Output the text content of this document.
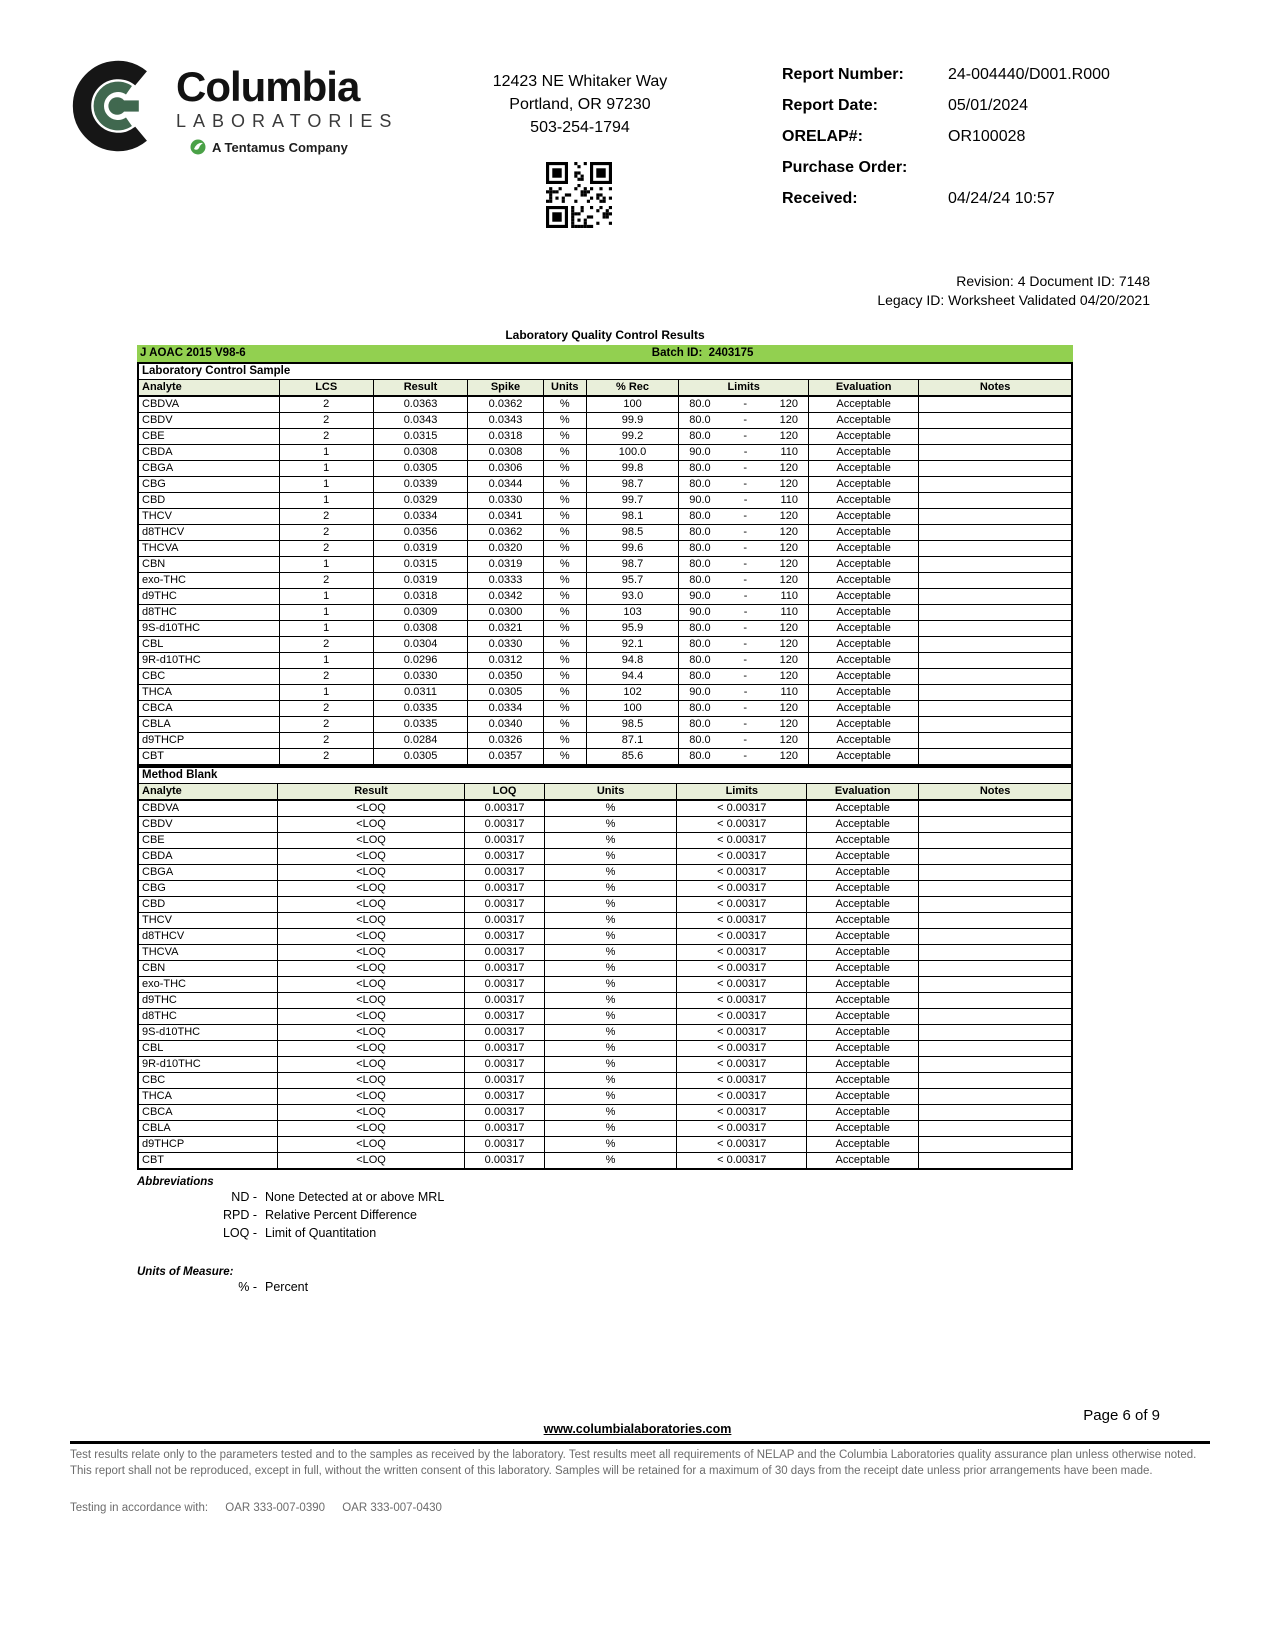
Columbia
LABORATORIES
A Tentamus Company
12423 NE Whitaker Way
Portland, OR 97230
503-254-1794
Report Number:	24-004440/D001.R000
Report Date:	05/01/2024
ORELAP#:	OR100028
Purchase Order:
Received:	04/24/24 10:57
Revision: 4 Document ID: 7148
Legacy ID: Worksheet Validated 04/20/2021
Laboratory Quality Control Results
J AOAC 2015 V98-6	Batch ID: 2403175
Laboratory Control Sample								
Analyte	LCS	Result	Spike	Units	% Rec	Limits	Evaluation	Notes
CBDVA	2	0.0363	0.0362	%	100	80.0 - 120	Acceptable	
CBDV	2	0.0343	0.0343	%	99.9	80.0 - 120	Acceptable	
CBE	2	0.0315	0.0318	%	99.2	80.0 - 120	Acceptable	
CBDA	1	0.0308	0.0308	%	100.0	90.0 - 110	Acceptable	
CBGA	1	0.0305	0.0306	%	99.8	80.0 - 120	Acceptable	
CBG	1	0.0339	0.0344	%	98.7	80.0 - 120	Acceptable	
CBD	1	0.0329	0.0330	%	99.7	90.0 - 110	Acceptable	
THCV	2	0.0334	0.0341	%	98.1	80.0 - 120	Acceptable	
d8THCV	2	0.0356	0.0362	%	98.5	80.0 - 120	Acceptable	
THCVA	2	0.0319	0.0320	%	99.6	80.0 - 120	Acceptable	
CBN	1	0.0315	0.0319	%	98.7	80.0 - 120	Acceptable	
exo-THC	2	0.0319	0.0333	%	95.7	80.0 - 120	Acceptable	
d9THC	1	0.0318	0.0342	%	93.0	90.0 - 110	Acceptable	
d8THC	1	0.0309	0.0300	%	103	90.0 - 110	Acceptable	
9S-d10THC	1	0.0308	0.0321	%	95.9	80.0 - 120	Acceptable	
CBL	2	0.0304	0.0330	%	92.1	80.0 - 120	Acceptable	
9R-d10THC	1	0.0296	0.0312	%	94.8	80.0 - 120	Acceptable	
CBC	2	0.0330	0.0350	%	94.4	80.0 - 120	Acceptable	
THCA	1	0.0311	0.0305	%	102	90.0 - 110	Acceptable	
CBCA	2	0.0335	0.0334	%	100	80.0 - 120	Acceptable	
CBLA	2	0.0335	0.0340	%	98.5	80.0 - 120	Acceptable	
d9THCP	2	0.0284	0.0326	%	87.1	80.0 - 120	Acceptable	
CBT	2	0.0305	0.0357	%	85.6	80.0 - 120	Acceptable	
Method Blank						
Analyte	Result	LOQ	Units	Limits	Evaluation	Notes
CBDVA	<LOQ	0.00317	%	< 0.00317	Acceptable	
CBDV	<LOQ	0.00317	%	< 0.00317	Acceptable	
CBE	<LOQ	0.00317	%	< 0.00317	Acceptable	
CBDA	<LOQ	0.00317	%	< 0.00317	Acceptable	
CBGA	<LOQ	0.00317	%	< 0.00317	Acceptable	
CBG	<LOQ	0.00317	%	< 0.00317	Acceptable	
CBD	<LOQ	0.00317	%	< 0.00317	Acceptable	
THCV	<LOQ	0.00317	%	< 0.00317	Acceptable	
d8THCV	<LOQ	0.00317	%	< 0.00317	Acceptable	
THCVA	<LOQ	0.00317	%	< 0.00317	Acceptable	
CBN	<LOQ	0.00317	%	< 0.00317	Acceptable	
exo-THC	<LOQ	0.00317	%	< 0.00317	Acceptable	
d9THC	<LOQ	0.00317	%	< 0.00317	Acceptable	
d8THC	<LOQ	0.00317	%	< 0.00317	Acceptable	
9S-d10THC	<LOQ	0.00317	%	< 0.00317	Acceptable	
CBL	<LOQ	0.00317	%	< 0.00317	Acceptable	
9R-d10THC	<LOQ	0.00317	%	< 0.00317	Acceptable	
CBC	<LOQ	0.00317	%	< 0.00317	Acceptable	
THCA	<LOQ	0.00317	%	< 0.00317	Acceptable	
CBCA	<LOQ	0.00317	%	< 0.00317	Acceptable	
CBLA	<LOQ	0.00317	%	< 0.00317	Acceptable	
d9THCP	<LOQ	0.00317	%	< 0.00317	Acceptable	
CBT	<LOQ	0.00317	%	< 0.00317	Acceptable	
Abbreviations
ND - None Detected at or above MRL
RPD - Relative Percent Difference
LOQ - Limit of Quantitation
Units of Measure:
% - Percent
Page 6 of 9
www.columbialaboratories.com
Test results relate only to the parameters tested and to the samples as received by the laboratory. Test results meet all requirements of NELAP and the Columbia Laboratories quality assurance plan unless otherwise noted. This report shall not be reproduced, except in full, without the written consent of this laboratory. Samples will be retained for a maximum of 30 days from the receipt date unless prior arrangements have been made.
Testing in accordance with: OAR 333-007-0390 OAR 333-007-0430
